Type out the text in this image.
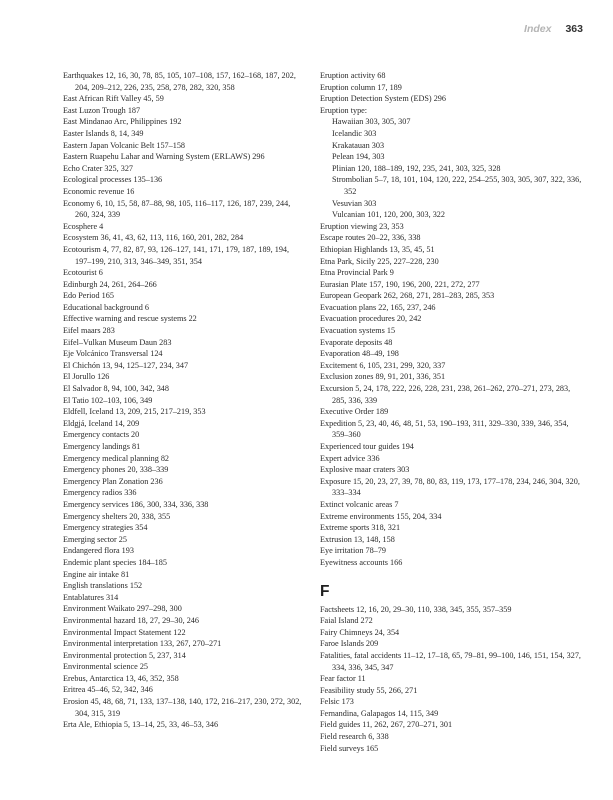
Index 363
Earthquakes 12, 16, 30, 78, 85, 105, 107–108, 157, 162–168, 187, 202, 204, 209–212, 226, 235, 258, 278, 282, 320, 358
East African Rift Valley 45, 59
East Luzon Trough 187
East Mindanao Arc, Philippines 192
Easter Islands 8, 14, 349
Eastern Japan Volcanic Belt 157–158
Eastern Ruapehu Lahar and Warning System (ERLAWS) 296
Echo Crater 325, 327
Ecological processes 135–136
Economic revenue 16
Economy 6, 10, 15, 58, 87–88, 98, 105, 116–117, 126, 187, 239, 244, 260, 324, 339
Ecosphere 4
Ecosystem 36, 41, 43, 62, 113, 116, 160, 201, 282, 284
Ecotourism 4, 77, 82, 87, 93, 126–127, 141, 171, 179, 187, 189, 194, 197–199, 210, 313, 346–349, 351, 354
Ecotourist 6
Edinburgh 24, 261, 264–266
Edo Period 165
Educational background 6
Effective warning and rescue systems 22
Eifel maars 283
Eifel–Vulkan Museum Daun 283
Eje Volcánico Transversal 124
El Chichón 13, 94, 125–127, 234, 347
El Jorullo 126
El Salvador 8, 94, 100, 342, 348
El Tatio 102–103, 106, 349
Eldfell, Iceland 13, 209, 215, 217–219, 353
Eldgjá, Iceland 14, 209
Emergency contacts 20
Emergency landings 81
Emergency medical planning 82
Emergency phones 20, 338–339
Emergency Plan Zonation 236
Emergency radios 336
Emergency services 186, 300, 334, 336, 338
Emergency shelters 20, 338, 355
Emergency strategies 354
Emerging sector 25
Endangered flora 193
Endemic plant species 184–185
Engine air intake 81
English translations 152
Entablatures 314
Environment Waikato 297–298, 300
Environmental hazard 18, 27, 29–30, 246
Environmental Impact Statement 122
Environmental interpretation 133, 267, 270–271
Environmental protection 5, 237, 314
Environmental science 25
Erebus, Antarctica 13, 46, 352, 358
Eritrea 45–46, 52, 342, 346
Erosion 45, 48, 68, 71, 133, 137–138, 140, 172, 216–217, 230, 272, 302, 304, 315, 319
Erta Ale, Ethiopia 5, 13–14, 25, 33, 46–53, 346
Eruption activity 68
Eruption column 17, 189
Eruption Detection System (EDS) 296
Eruption type:
Hawaiian 303, 305, 307
Icelandic 303
Krakatauan 303
Pelean 194, 303
Plinian 120, 188–189, 192, 235, 241, 303, 325, 328
Strombolian 5–7, 18, 101, 104, 120, 222, 254–255, 303, 305, 307, 322, 336, 352
Vesuvian 303
Vulcanian 101, 120, 200, 303, 322
Eruption viewing 23, 353
Escape routes 20–22, 336, 338
Ethiopian Highlands 13, 35, 45, 51
Etna Park, Sicily 225, 227–228, 230
Etna Provincial Park 9
Eurasian Plate 157, 190, 196, 200, 221, 272, 277
European Geopark 262, 268, 271, 281–283, 285, 353
Evacuation plans 22, 165, 237, 246
Evacuation procedures 20, 242
Evacuation systems 15
Evaporate deposits 48
Evaporation 48–49, 198
Excitement 6, 105, 231, 299, 320, 337
Exclusion zones 89, 91, 201, 336, 351
Excursion 5, 24, 178, 222, 226, 228, 231, 238, 261–262, 270–271, 273, 283, 285, 336, 339
Executive Order 189
Expedition 5, 23, 40, 46, 48, 51, 53, 190–193, 311, 329–330, 339, 346, 354, 359–360
Experienced tour guides 194
Expert advice 336
Explosive maar craters 303
Exposure 15, 20, 23, 27, 39, 78, 80, 83, 119, 173, 177–178, 234, 246, 304, 320, 333–334
Extinct volcanic areas 7
Extreme environments 155, 204, 334
Extreme sports 318, 321
Extrusion 13, 148, 158
Eye irritation 78–79
Eyewitness accounts 166
F
Factsheets 12, 16, 20, 29–30, 110, 338, 345, 355, 357–359
Faial Island 272
Fairy Chimneys 24, 354
Faroe Islands 209
Fatalities, fatal accidents 11–12, 17–18, 65, 79–81, 99–100, 146, 151, 154, 327, 334, 336, 345, 347
Fear factor 11
Feasibility study 55, 266, 271
Felsic 173
Fernandina, Galapagos 14, 115, 349
Field guides 11, 262, 267, 270–271, 301
Field research 6, 338
Field surveys 165
